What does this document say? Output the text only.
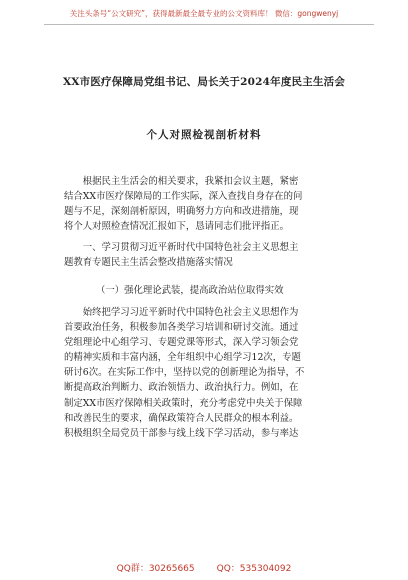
关注头条号“公文研究”，获得最新最全最专业的公文资料库！ 微信：gongwenyj
XX市医疗保障局党组书记、局长关于2024年度民主生活会
个人对照检视剖析材料
　　根据民主生活会的相关要求，我紧扣会议主题，紧密
结合XX市医疗保障局的工作实际，深入查找自身存在的问
题与不足，深刻剖析原因，明确努力方向和改进措施，现
将个人对照检查情况汇报如下，恳请同志们批评指正。
　　一、学习贯彻习近平新时代中国特色社会主义思想主
题教育专题民主生活会整改措施落实情况
（一）强化理论武装，提高政治站位取得实效
　　始终把学习习近平新时代中国特色社会主义思想作为
首要政治任务，积极参加各类学习培训和研讨交流。通过
党组理论中心组学习、专题党课等形式，深入学习领会党
的精神实质和丰富内涵，全年组织中心组学习12次，专题
研讨6次。在实际工作中，坚持以党的创新理论为指导，不
断提高政治判断力、政治领悟力、政治执行力。例如，在
制定XX市医疗保障相关政策时，充分考虑党中央关于保障
和改善民生的要求，确保政策符合人民群众的根本利益。
积极组织全局党员干部参与线上线下学习活动，参与率达
QQ群：30265665 QQ：535304092
